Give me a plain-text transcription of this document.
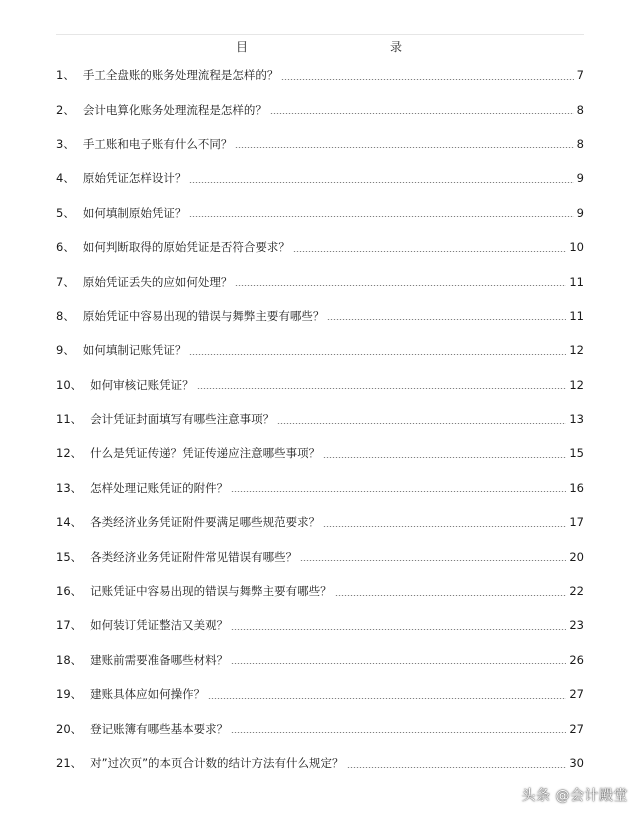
目	录
1、 手工全盘账的账务处理流程是怎样的？	7
2、 会计电算化账务处理流程是怎样的？	8
3、 手工账和电子账有什么不同？	8
4、 原始凭证怎样设计？	9
5、 如何填制原始凭证？	9
6、 如何判断取得的原始凭证是否符合要求？	10
7、 原始凭证丢失的应如何处理？	11
8、 原始凭证中容易出现的错误与舞弊主要有哪些？	11
9、 如何填制记账凭证？	12
10、 如何审核记账凭证？	12
11、 会计凭证封面填写有哪些注意事项？	13
12、 什么是凭证传递？凭证传递应注意哪些事项？	15
13、 怎样处理记账凭证的附件？	16
14、 各类经济业务凭证附件要满足哪些规范要求？	17
15、 各类经济业务凭证附件常见错误有哪些？	20
16、 记账凭证中容易出现的错误与舞弊主要有哪些？	22
17、 如何装订凭证整洁又美观？	23
18、 建账前需要准备哪些材料？	26
19、 建账具体应如何操作？	27
20、 登记账簿有哪些基本要求？	27
21、 对”过次页”的本页合计数的结计方法有什么规定？	30
头条 @会计殿堂
